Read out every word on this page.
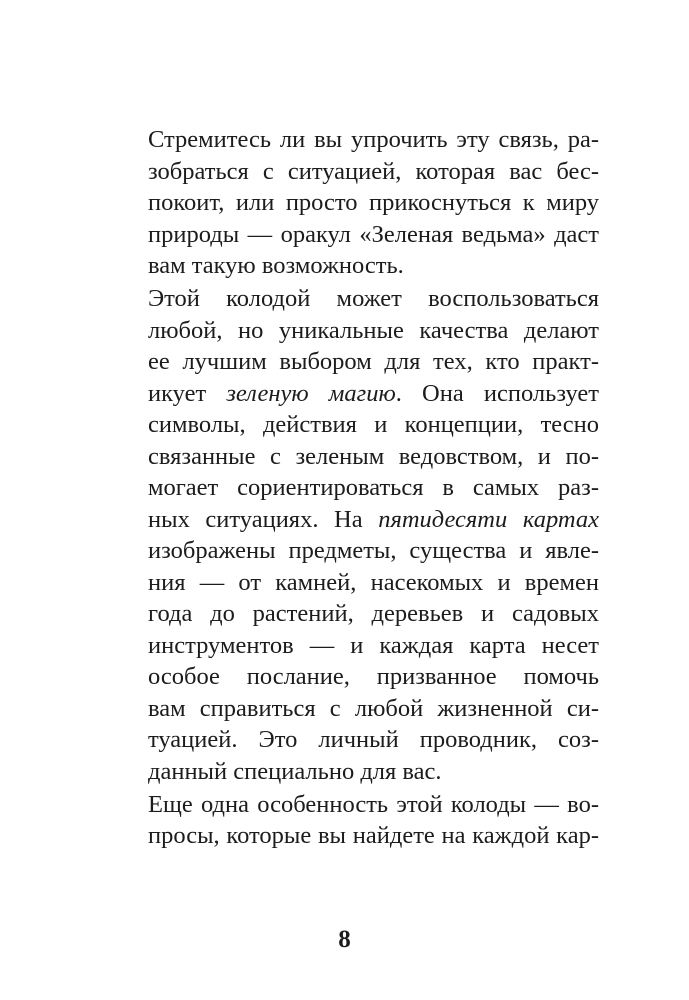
Стремитесь ли вы упрочить эту связь, ра-
зобраться с ситуацией, которая вас бес-
покоит, или просто прикоснуться к миру
природы — оракул «Зеленая ведьма» даст
вам такую возможность.
Этой колодой может воспользоваться
любой, но уникальные качества делают
ее лучшим выбором для тех, кто практ-
икует зеленую магию. Она использует
символы, действия и концепции, тесно
связанные с зеленым ведовством, и по-
могает сориентироваться в самых раз-
ных ситуациях. На пятидесяти картах
изображены предметы, существа и явле-
ния — от камней, насекомых и времен
года до растений, деревьев и садовых
инструментов — и каждая карта несет
особое послание, призванное помочь
вам справиться с любой жизненной си-
туацией. Это личный проводник, соз-
данный специально для вас.
Еще одна особенность этой колоды — во-
просы, которые вы найдете на каждой кар-
8
